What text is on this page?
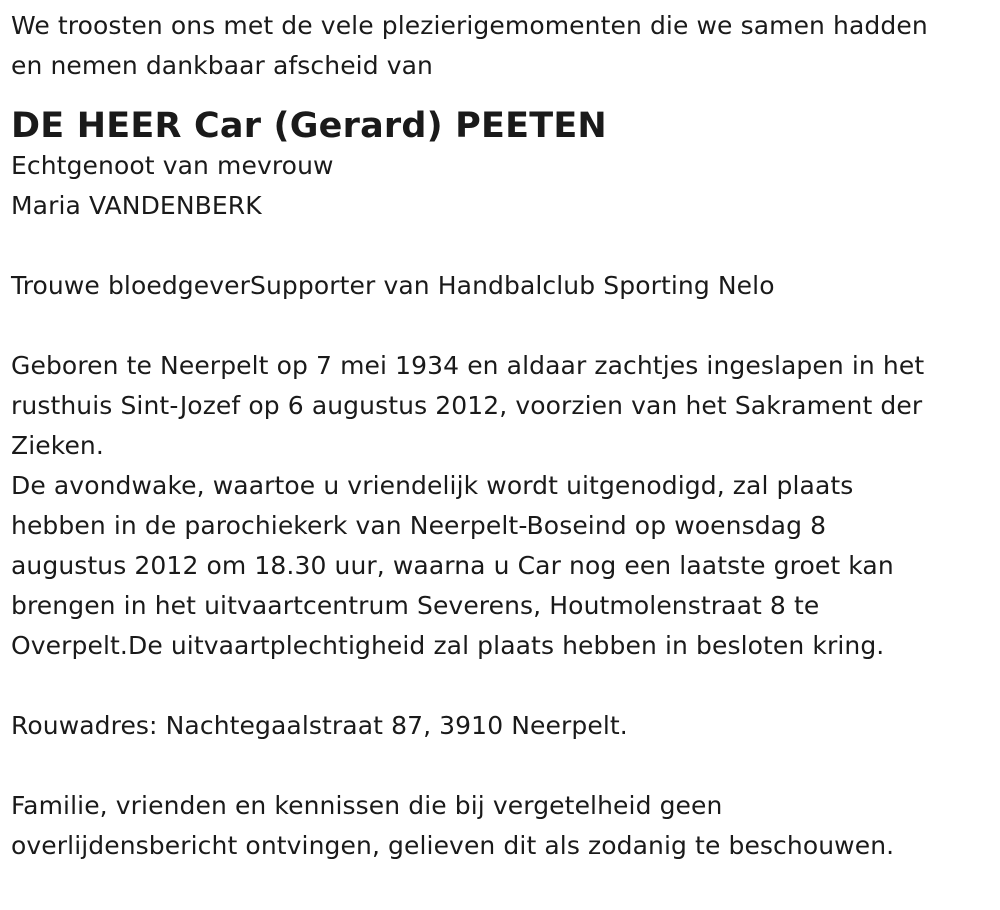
We troosten ons met de vele plezierigemomenten die we samen hadden

en nemen dankbaar afscheid van

DE HEER Car (Gerard) PEETEN

Echtgenoot van mevrouw

Maria VANDENBERK

Trouwe bloedgeverSupporter van Handbalclub Sporting Nelo

Geboren te Neerpelt op 7 mei 1934 en aldaar zachtjes ingeslapen in het

rusthuis Sint-Jozef op 6 augustus 2012, voorzien van het Sakrament der

Zieken.

De avondwake, waartoe u vriendelijk wordt uitgenodigd, zal plaats

hebben in de parochiekerk van Neerpelt-Boseind op woensdag 8

augustus 2012 om 18.30 uur, waarna u Car nog een laatste groet kan

brengen in het uitvaartcentrum Severens, Houtmolenstraat 8 te

Overpelt.De uitvaartplechtigheid zal plaats hebben in besloten kring.

Rouwadres: Nachtegaalstraat 87, 3910 Neerpelt.

Familie, vrienden en kennissen die bij vergetelheid geen

overlijdensbericht ontvingen, gelieven dit als zodanig te beschouwen.
